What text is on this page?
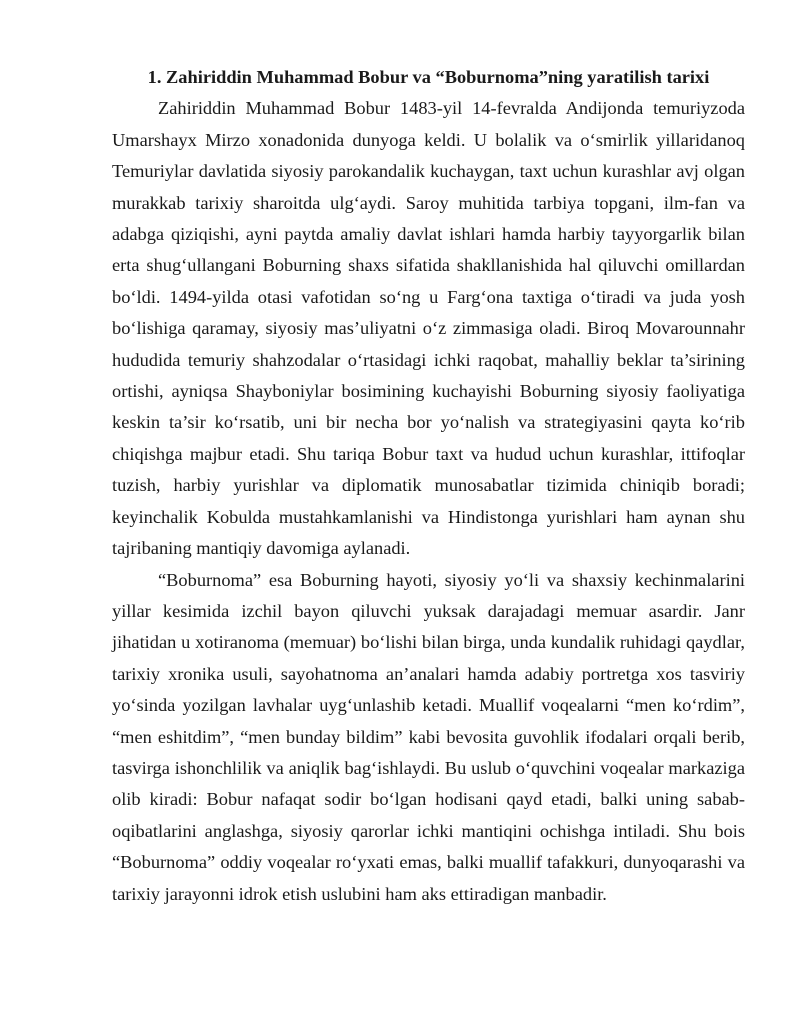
1. Zahiriddin Muhammad Bobur va “Boburnoma”ning yaratilish tarixi

Zahiriddin Muhammad Bobur 1483-yil 14-fevralda Andijonda temuriyzoda Umarshayx Mirzo xonadonida dunyoga keldi. U bolalik va o‘smirlik yillaridanoq Temuriylar davlatida siyosiy parokandalik kuchaygan, taxt uchun kurashlar avj olgan murakkab tarixiy sharoitda ulg‘aydi. Saroy muhitida tarbiya topgani, ilm-fan va adabga qiziqishi, ayni paytda amaliy davlat ishlari hamda harbiy tayyorgarlik bilan erta shug‘ullangani Boburning shaxs sifatida shakllanishida hal qiluvchi omillardan bo‘ldi. 1494-yilda otasi vafotidan so‘ng u Farg‘ona taxtiga o‘tiradi va juda yosh bo‘lishiga qaramay, siyosiy mas’uliyatni o‘z zimmasiga oladi. Biroq Movarounnahr hududida temuriy shahzodalar o‘rtasidagi ichki raqobat, mahalliy beklar ta’sirining ortishi, ayniqsa Shayboniylar bosimining kuchayishi Boburning siyosiy faoliyatiga keskin ta’sir ko‘rsatib, uni bir necha bor yo‘nalish va strategiyasini qayta ko‘rib chiqishga majbur etadi. Shu tariqa Bobur taxt va hudud uchun kurashlar, ittifoqlar tuzish, harbiy yurishlar va diplomatik munosabatlar tizimida chiniqib boradi; keyinchalik Kobulda mustahkamlanishi va Hindistonga yurishlari ham aynan shu tajribaning mantiqiy davomiga aylanadi.

“Boburnoma” esa Boburning hayoti, siyosiy yo‘li va shaxsiy kechinmalarini yillar kesimida izchil bayon qiluvchi yuksak darajadagi memuar asardir. Janr jihatidan u xotiranoma (memuar) bo‘lishi bilan birga, unda kundalik ruhidagi qaydlar, tarixiy xronika usuli, sayohatnoma an’analari hamda adabiy portretga xos tasviriy yo‘sinda yozilgan lavhalar uyg‘unlashib ketadi. Muallif voqealarni “men ko‘rdim”, “men eshitdim”, “men bunday bildim” kabi bevosita guvohlik ifodalari orqali berib, tasvirga ishonchlilik va aniqlik bag‘ishlaydi. Bu uslub o‘quvchini voqealar markaziga olib kiradi: Bobur nafaqat sodir bo‘lgan hodisani qayd etadi, balki uning sabab-oqibatlarini anglashga, siyosiy qarorlar ichki mantiqini ochishga intiladi. Shu bois “Boburnoma” oddiy voqealar ro‘yxati emas, balki muallif tafakkuri, dunyoqarashi va tarixiy jarayonni idrok etish uslubini ham aks ettiradigan manbadir.
